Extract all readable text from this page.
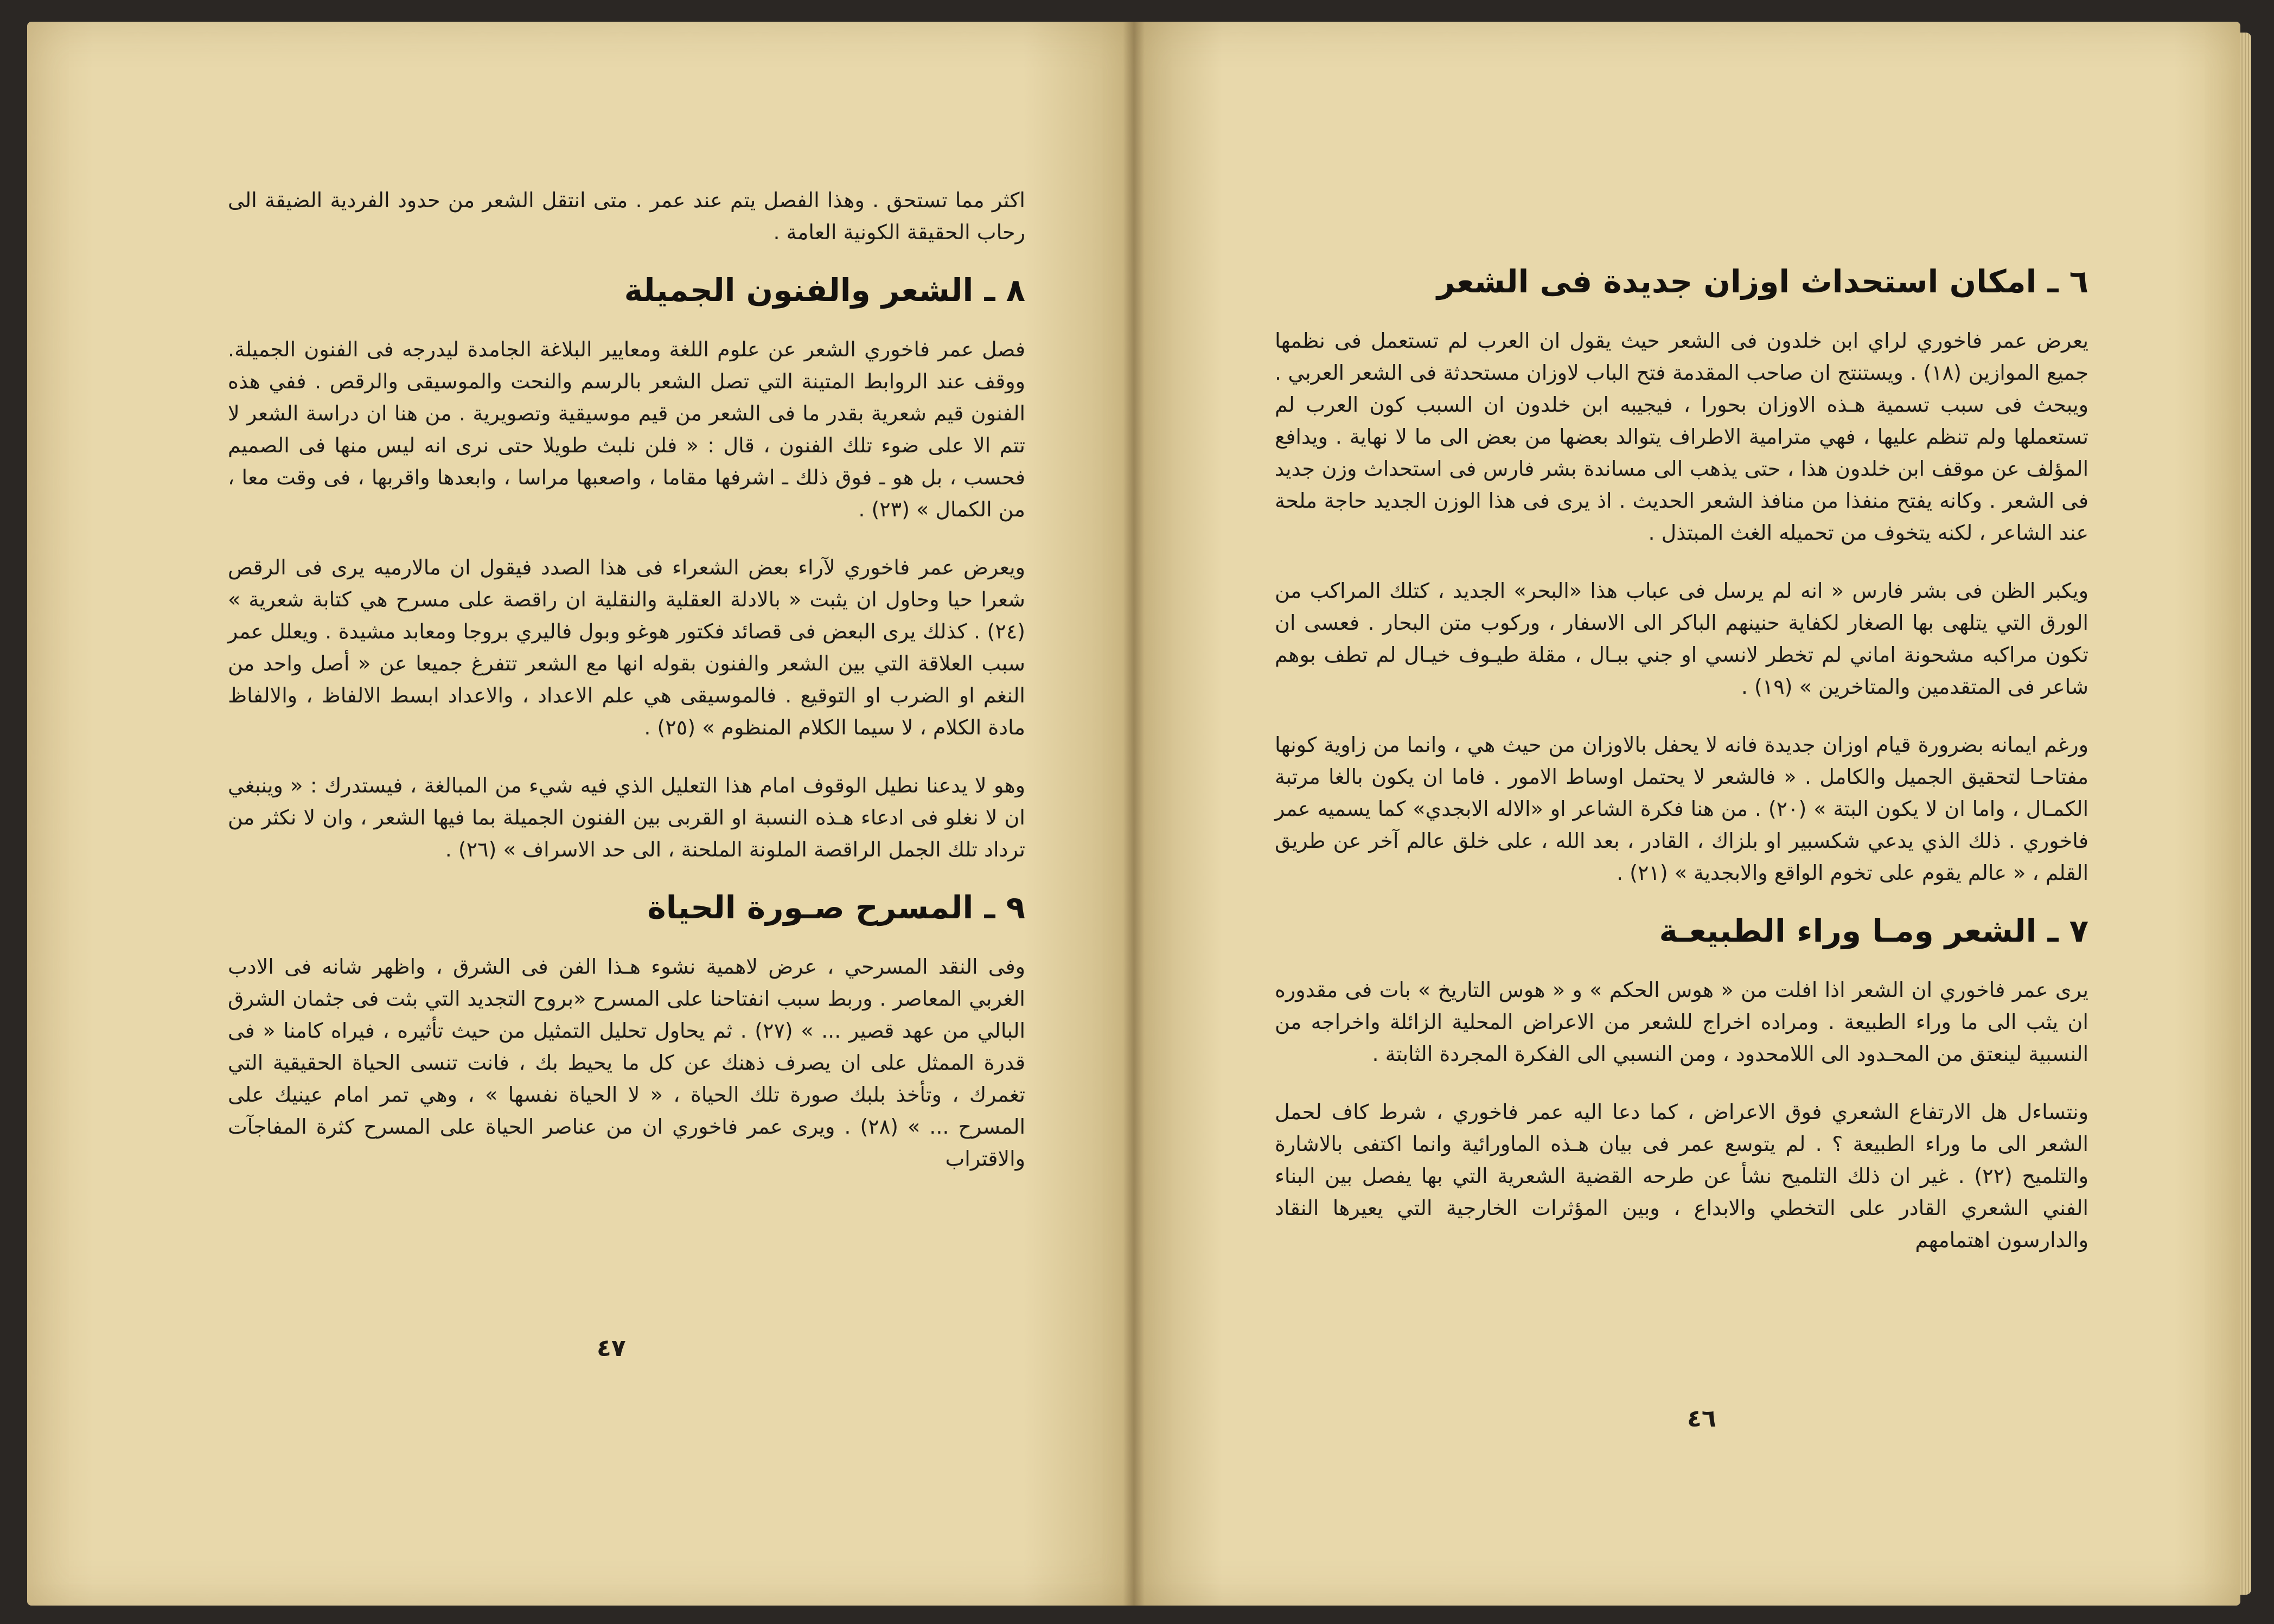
اكثر مما تستحق . وهذا الفصل يتم عند عمر . متى انتقل الشعر من حدود الفردية الضيقة الى رحاب الحقيقة الكونية العامة .

٨ ـ الشعر والفنون الجميلة

فصل عمر فاخوري الشعر عن علوم اللغة ومعايير البلاغة الجامدة ليدرجه فى الفنون الجميلة. ووقف عند الروابط المتينة التي تصل الشعر بالرسم والنحت والموسيقى والرقص . ففي هذه الفنون قيم شعرية بقدر ما فى الشعر من قيم موسيقية وتصويرية . من هنا ان دراسة الشعر لا تتم الا على ضوء تلك الفنون ، قال : « فلن نلبث طويلا حتى نرى انه ليس منها فى الصميم فحسب ، بل هو ـ فوق ذلك ـ اشرفها مقاما ، واصعبها مراسا ، وابعدها واقربها ، فى وقت معا ، من الكمال » (٢٣) .

ويعرض عمر فاخوري لآراء بعض الشعراء فى هذا الصدد فيقول ان مالارميه يرى فى الرقص شعرا حيا وحاول ان يثبت « بالادلة العقلية والنقلية ان راقصة على مسرح هي كتابة شعرية » (٢٤) . كذلك يرى البعض فى قصائد فكتور هوغو وبول فاليري بروجا ومعابد مشيدة . ويعلل عمر سبب العلاقة التي بين الشعر والفنون بقوله انها مع الشعر تتفرغ جميعا عن « أصل واحد من النغم او الضرب او التوقيع . فالموسيقى هي علم الاعداد ، والاعداد ابسط الالفاظ ، والالفاظ مادة الكلام ، لا سيما الكلام المنظوم » (٢٥) .

وهو لا يدعنا نطيل الوقوف امام هذا التعليل الذي فيه شيء من المبالغة ، فيستدرك : « وينبغي ان لا نغلو فى ادعاء هـذه النسبة او القربى بين الفنون الجميلة بما فيها الشعر ، وان لا نكثر من ترداد تلك الجمل الراقصة الملونة الملحنة ، الى حد الاسراف » (٢٦) .

٩ ـ المسرح صـورة الحياة

وفى النقد المسرحي ، عرض لاهمية نشوء هـذا الفن فى الشرق ، واظهر شانه فى الادب الغربي المعاصر . وربط سبب انفتاحنا على المسرح «بروح التجديد التي بثت فى جثمان الشرق البالي من عهد قصير ... » (٢٧) . ثم يحاول تحليل التمثيل من حيث تأثيره ، فيراه كامنا « فى قدرة الممثل على ان يصرف ذهنك عن كل ما يحيط بك ، فانت تنسى الحياة الحقيقية التي تغمرك ، وتأخذ بلبك صورة تلك الحياة ، « لا الحياة نفسها » ، وهي تمر امام عينيك على المسرح ... » (٢٨) . ويرى عمر فاخوري ان من عناصر الحياة على المسرح كثرة المفاجآت والاقتراب

٤٧
٦ ـ امكان استحداث اوزان جديدة فى الشعر

يعرض عمر فاخوري لراي ابن خلدون فى الشعر حيث يقول ان العرب لم تستعمل فى نظمها جميع الموازين (١٨) . ويستنتج ان صاحب المقدمة فتح الباب لاوزان مستحدثة فى الشعر العربي . ويبحث فى سبب تسمية هـذه الاوزان بحورا ، فيجيبه ابن خلدون ان السبب كون العرب لم تستعملها ولم تنظم عليها ، فهي مترامية الاطراف يتوالد بعضها من بعض الى ما لا نهاية . ويدافع المؤلف عن موقف ابن خلدون هذا ، حتى يذهب الى مساندة بشر فارس فى استحداث وزن جديد فى الشعر . وكانه يفتح منفذا من منافذ الشعر الحديث . اذ يرى فى هذا الوزن الجديد حاجة ملحة عند الشاعر ، لكنه يتخوف من تحميله الغث المبتذل .

ويكبر الظن فى بشر فارس « انه لم يرسل فى عباب هذا «البحر» الجديد ، كتلك المراكب من الورق التي يتلهى بها الصغار لكفاية حنينهم الباكر الى الاسفار ، وركوب متن البحار . فعسى ان تكون مراكبه مشحونة اماني لم تخطر لانسي او جني ببـال ، مقلة طيـوف خيـال لم تطف بوهم شاعر فى المتقدمين والمتاخرين » (١٩) .

ورغم ايمانه بضرورة قيام اوزان جديدة فانه لا يحفل بالاوزان من حيث هي ، وانما من زاوية كونها مفتاحـا لتحقيق الجميل والكامل . « فالشعر لا يحتمل اوساط الامور . فاما ان يكون بالغا مرتبة الكمـال ، واما ان لا يكون البتة » (٢٠) . من هنا فكرة الشاعر او «الاله الابجدي» كما يسميه عمر فاخوري . ذلك الذي يدعي شكسبير او بلزاك ، القادر ، بعد الله ، على خلق عالم آخر عن طريق القلم ، « عالم يقوم على تخوم الواقع والابجدية » (٢١) .

٧ ـ الشعر ومـا وراء الطبيعـة

يرى عمر فاخوري ان الشعر اذا افلت من « هوس الحكم » و « هوس التاريخ » بات فى مقدوره ان يثب الى ما وراء الطبيعة . ومراده اخراج للشعر من الاعراض المحلية الزائلة واخراجه من النسبية لينعتق من المحـدود الى اللامحدود ، ومن النسبي الى الفكرة المجردة الثابتة .

ونتساءل هل الارتفاع الشعري فوق الاعراض ، كما دعا اليه عمر فاخوري ، شرط كاف لحمل الشعر الى ما وراء الطبيعة ؟ . لم يتوسع عمر فى بيان هـذه الماورائية وانما اكتفى بالاشارة والتلميح (٢٢) . غير ان ذلك التلميح نشأ عن طرحه القضية الشعرية التي بها يفصل بين البناء الفني الشعري القادر على التخطي والابداع ، وبين المؤثرات الخارجية التي يعيرها النقاد والدارسون اهتمامهم

٤٦
